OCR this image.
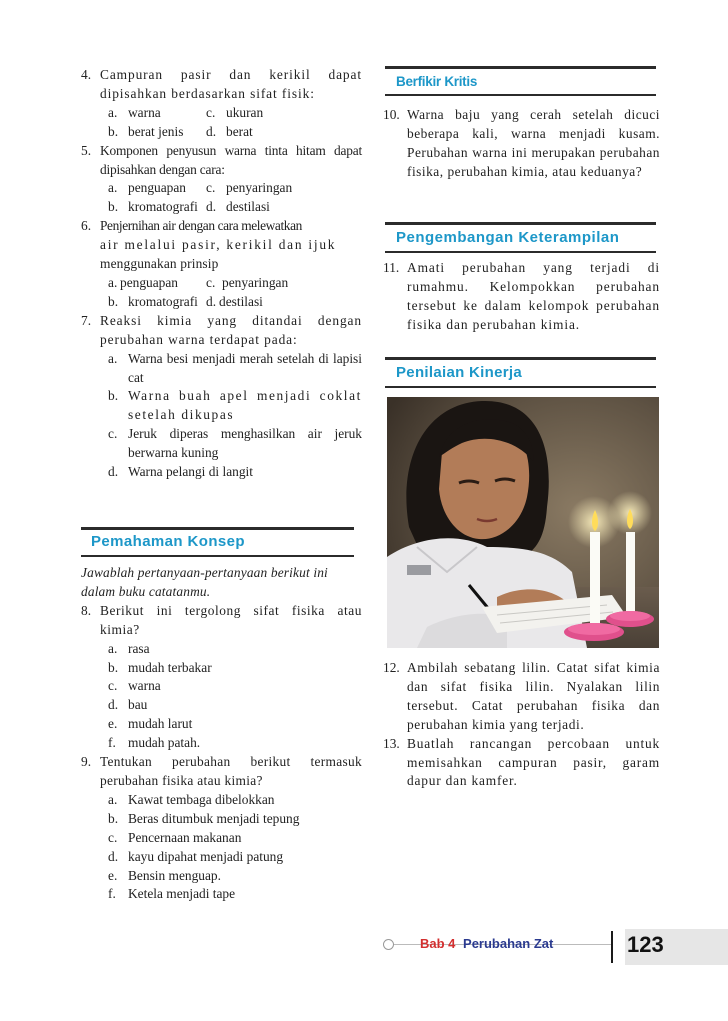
4. Campuran pasir dan kerikil dapat dipisahkan berdasarkan sifat fisik:
a. warna	c. ukuran
b. berat jenis	d. berat
5. Komponen penyusun warna tinta hitam dapat dipisahkan dengan cara:
a. penguapan	c. penyaringan
b. kromatografi d. destilasi
6. Penjernihan air dengan cara melewatkan
air melalui pasir, kerikil dan ijuk
menggunakan prinsip
a. penguapan	c. penyaringan
b. kromatografi d. destilasi
7. Reaksi kimia yang ditandai dengan perubahan warna terdapat pada:
a. Warna besi menjadi merah setelah di lapisi cat
b. Warna buah apel menjadi coklat setelah dikupas
c. Jeruk diperas menghasilkan air jeruk berwarna kuning
d. Warna pelangi di langit
Pemahaman Konsep
Jawablah pertanyaan-pertanyaan berikut ini dalam buku catatanmu.
8. Berikut ini tergolong sifat fisika atau kimia?
a. rasa
b. mudah terbakar
c. warna
d. bau
e. mudah larut
f. mudah patah.
9. Tentukan perubahan berikut termasuk perubahan fisika atau kimia?
a. Kawat tembaga dibelokkan
b. Beras ditumbuk menjadi tepung
c. Pencernaan makanan
d. kayu dipahat menjadi patung
e. Bensin menguap.
f. Ketela menjadi tape
Berfikir Kritis
10. Warna baju yang cerah setelah dicuci beberapa kali, warna menjadi kusam. Perubahan warna ini merupakan perubahan fisika, perubahan kimia, atau keduanya?
Pengembangan Keterampilan
11. Amati perubahan yang terjadi di rumahmu. Kelompokkan perubahan tersebut ke dalam kelompok perubahan fisika dan perubahan kimia.
Penilaian Kinerja
12. Ambilah sebatang lilin. Catat sifat kimia dan sifat fisika lilin. Nyalakan lilin tersebut. Catat perubahan fisika dan perubahan kimia yang terjadi.
13. Buatlah rancangan percobaan untuk memisahkan campuran pasir, garam dapur dan kamfer.
Bab 4 Perubahan Zat	123
